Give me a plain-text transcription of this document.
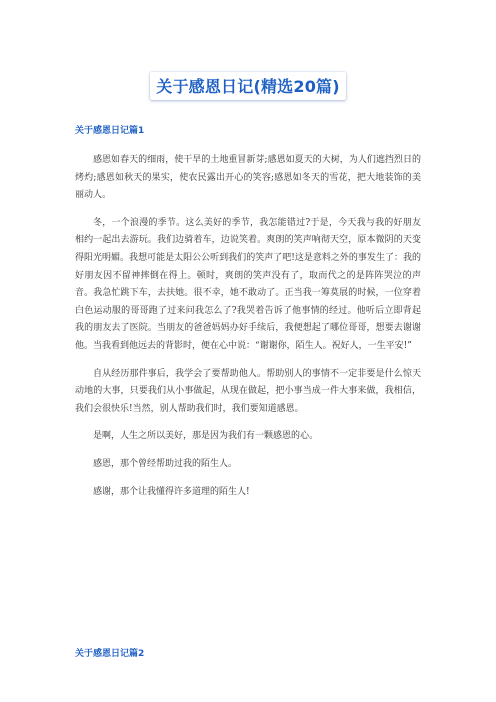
关于感恩日记(精选20篇)
关于感恩日记篇1

感恩如春天的细雨，使干旱的土地重冒新芽;感恩如夏天的大树，为人们遮挡烈日的烤灼;感恩如秋天的果实，使农民露出开心的笑容;感恩如冬天的雪花，把大地装饰的美丽动人。

冬，一个浪漫的季节。这么美好的季节，我怎能错过?于是，今天我与我的好朋友相约一起出去游玩。我们边骑着车，边说笑着。爽朗的笑声响彻天空，原本微阴的天变得阳光明媚。我想可能是太阳公公听到我们的笑声了吧!这是意料之外的事发生了：我的好朋友因不留神摔倒在得上。顿时，爽朗的笑声没有了，取而代之的是阵阵哭泣的声音。我急忙跳下车，去扶她。很不幸，她不敢动了。正当我一筹莫展的时候，一位穿着白色运动服的哥哥跑了过来问我怎么了?我哭着告诉了他事情的经过。他听后立即背起我的朋友去了医院。当朋友的爸爸妈妈办好手续后，我便想起了哪位哥哥，想要去谢谢他。当我看到他远去的背影时，便在心中说：“谢谢你，陌生人。祝好人，一生平安!”

自从经历那件事后，我学会了要帮助他人。帮助别人的事情不一定非要是什么惊天动地的大事，只要我们从小事做起，从现在做起，把小事当成一件大事来做，我相信，我们会很快乐!当然，别人帮助我们时，我们要知道感恩。

是啊，人生之所以美好，那是因为我们有一颗感恩的心。

感恩，那个曾经帮助过我的陌生人。

感谢，那个让我懂得许多道理的陌生人!

关于感恩日记篇2
